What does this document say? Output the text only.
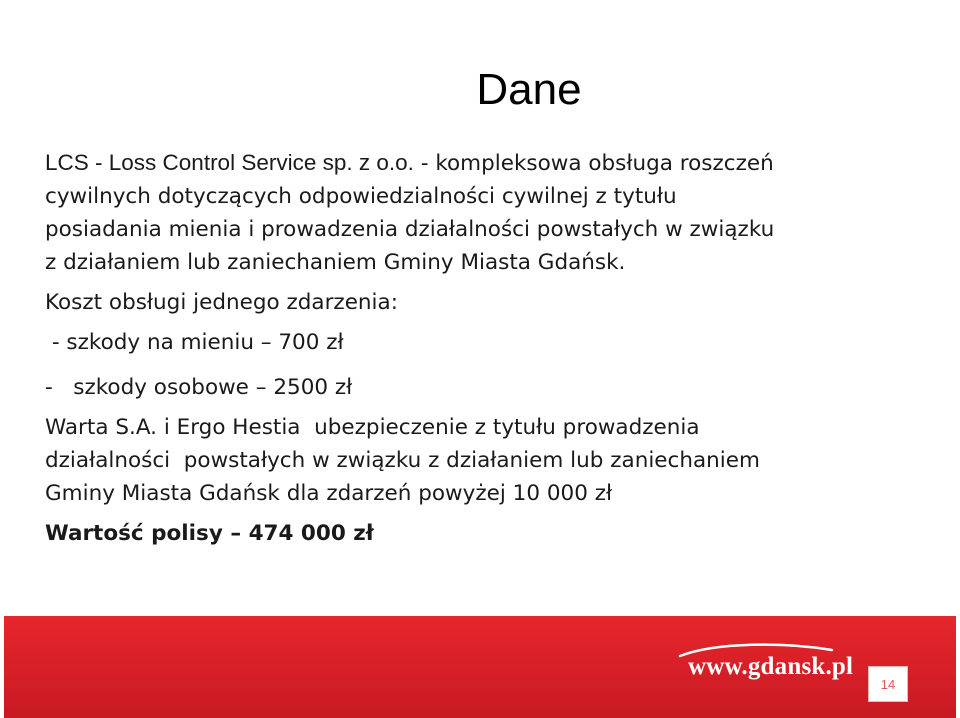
Dane
LCS - Loss Control Service sp. z o.o. - kompleksowa obsługa roszczeń
cywilnych dotyczących odpowiedzialności cywilnej z tytułu
posiadania mienia i prowadzenia działalności powstałych w związku
z działaniem lub zaniechaniem Gminy Miasta Gdańsk.
Koszt obsługi jednego zdarzenia:
- szkody na mieniu – 700 zł
-   szkody osobowe – 2500 zł
Warta S.A. i Ergo Hestia  ubezpieczenie z tytułu prowadzenia
działalności  powstałych w związku z działaniem lub zaniechaniem
Gminy Miasta Gdańsk dla zdarzeń powyżej 10 000 zł
Wartość polisy – 474 000 zł
www.gdansk.pl
14
